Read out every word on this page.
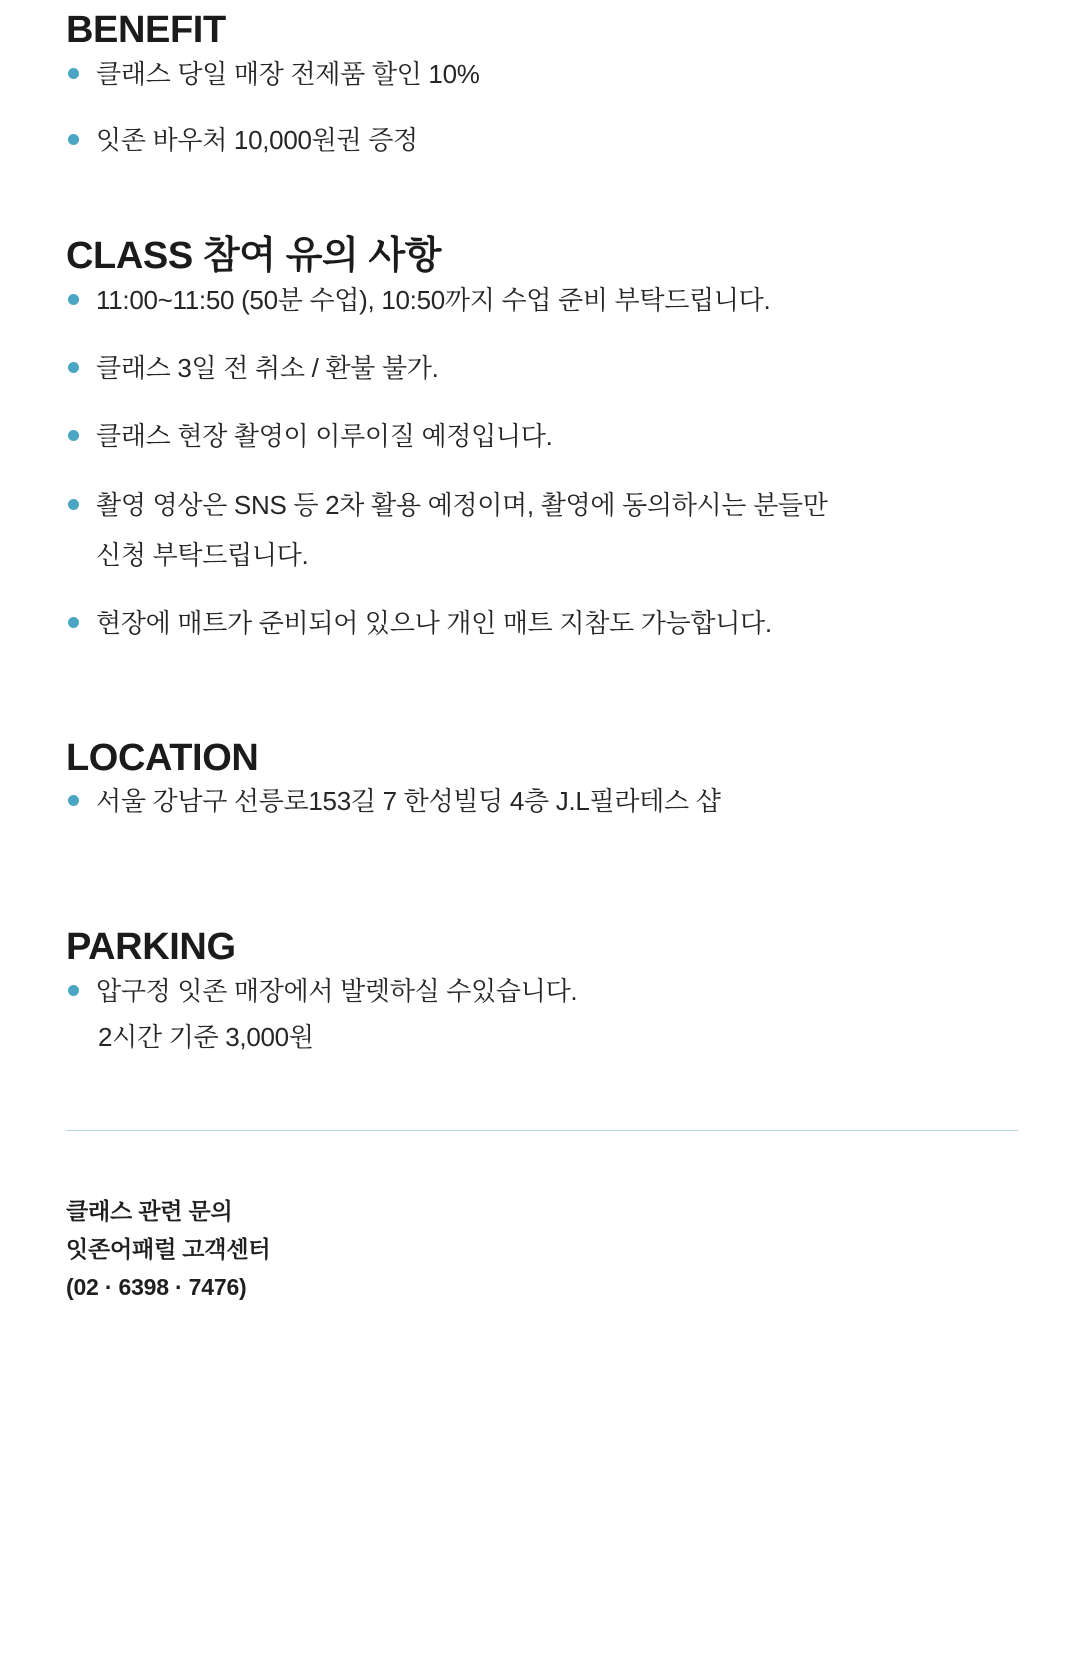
BENEFIT
클래스 당일 매장 전제품 할인 10%
잇존 바우처 10,000원권 증정
CLASS 참여 유의 사항
11:00~11:50 (50분 수업), 10:50까지 수업 준비 부탁드립니다.
클래스 3일 전 취소 / 환불 불가.
클래스 현장 촬영이 이루이질 예정입니다.
촬영 영상은 SNS 등 2차 활용 예정이며, 촬영에 동의하시는 분들만
신청 부탁드립니다.
현장에 매트가 준비되어 있으나 개인 매트 지참도 가능합니다.
LOCATION
서울 강남구 선릉로153길 7 한성빌딩 4층 J.L필라테스 샵
PARKING
압구정 잇존 매장에서 발렛하실 수있습니다.
2시간 기준 3,000원
클래스 관련 문의
잇존어패럴 고객센터
(02 · 6398 · 7476)
